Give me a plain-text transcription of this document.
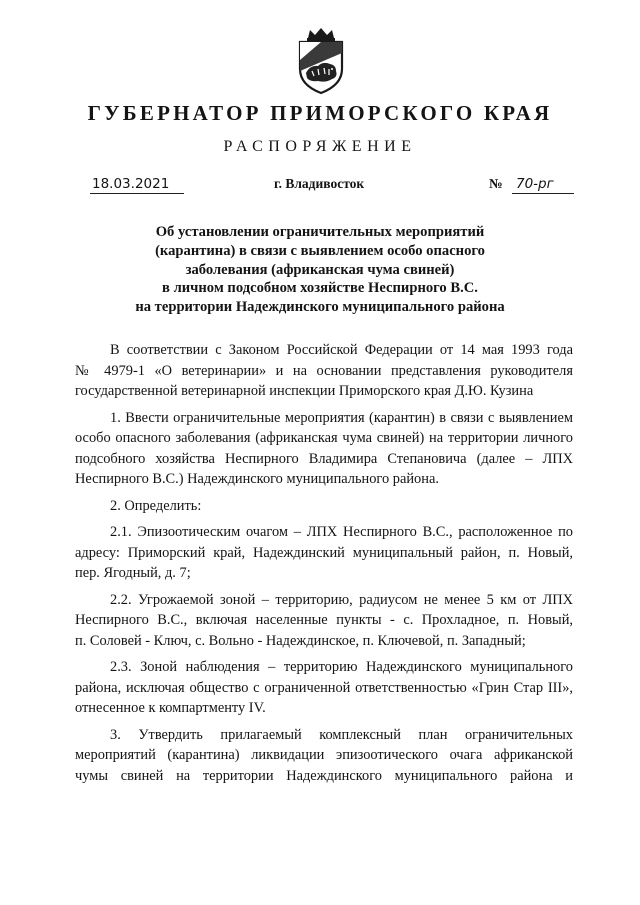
ГУБЕРНАТОР ПРИМОРСКОГО КРАЯ
РАСПОРЯЖЕНИЕ
18.03.2021	г. Владивосток	№ 70-рг
Об установлении ограничительных мероприятий
(карантина) в связи с выявлением особо опасного
заболевания (африканская чума свиней)
в личном подсобном хозяйстве Неспирного В.С.
на территории Надеждинского муниципального района
В соответствии с Законом Российской Федерации от 14 мая 1993 года
№ 4979-1 «О ветеринарии» и на основании представления руководителя
государственной ветеринарной инспекции Приморского края Д.Ю. Кузина
1. Ввести ограничительные мероприятия (карантин) в связи с выявлением
особо опасного заболевания (африканская чума свиней) на территории личного
подсобного хозяйства Неспирного Владимира Степановича (далее – ЛПХ
Неспирного В.С.) Надеждинского муниципального района.
2. Определить:
2.1. Эпизоотическим очагом – ЛПХ Неспирного В.С., расположенное по
адресу: Приморский край, Надеждинский муниципальный район, п. Новый,
пер. Ягодный, д. 7;
2.2. Угрожаемой зоной – территорию, радиусом не менее 5 км от ЛПХ
Неспирного В.С., включая населенные пункты - с. Прохладное, п. Новый,
п. Соловей - Ключ, с. Вольно - Надеждинское, п. Ключевой, п. Западный;
2.3. Зоной наблюдения – территорию Надеждинского муниципального
района, исключая общество с ограниченной ответственностью «Грин Стар III»,
отнесенное к компартменту IV.
3. Утвердить прилагаемый комплексный план ограничительных
мероприятий (карантина) ликвидации эпизоотического очага африканской
чумы свиней на территории Надеждинского муниципального района и
